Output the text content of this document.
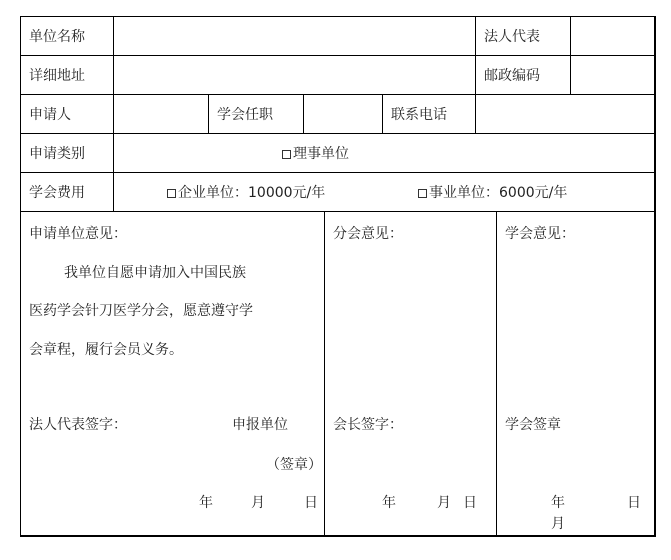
单位名称	法人代表
详细地址	邮政编码
申请人	学会任职	联系电话
申请类别	理事单位
学会费用	企业单位：10000元/年	事业单位：6000元/年
申请单位意见：
我单位自愿申请加入中国民族
医药学会针刀医学分会，愿意遵守学
会章程，履行会员义务。
法人代表签字：	申报单位
（签章）
年	月	日
分会意见：
会长签字：
年	月 日
学会意见：
学会签章
年	日
月
